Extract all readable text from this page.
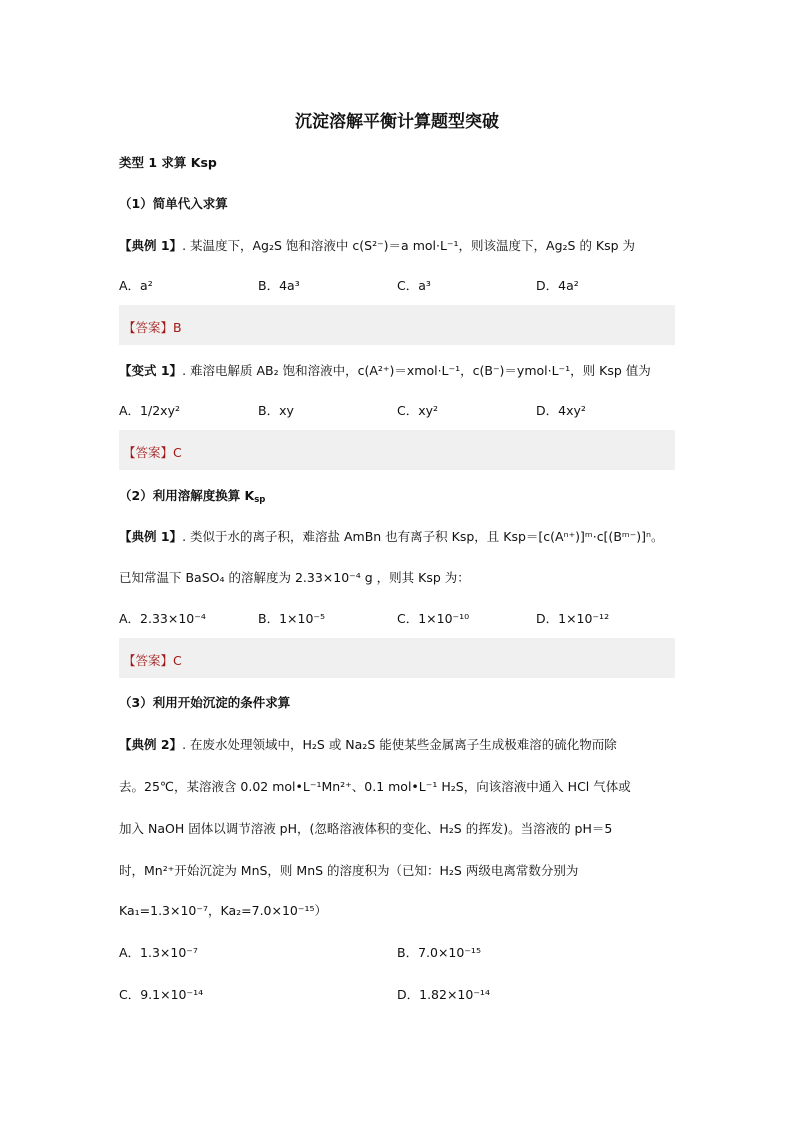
沉淀溶解平衡计算题型突破
类型 1 求算 Ksp
（1）简单代入求算
【典例 1】. 某温度下，Ag₂S 饱和溶液中 c(S²⁻)＝a mol·L⁻¹，则该温度下，Ag₂S 的 Ksp 为
A．a²	B．4a³	C．a³	D．4a²
【答案】B
【变式 1】. 难溶电解质 AB₂ 饱和溶液中，c(A²⁺)＝xmol·L⁻¹，c(B⁻)＝ymol·L⁻¹，则 Ksp 值为
A．1/2xy²	B．xy	C．xy²	D．4xy²
【答案】C
（2）利用溶解度换算 $K_{sp}$
【典例 1】. 类似于水的离子积，难溶盐 AmBn 也有离子积 Ksp，且 Ksp＝[c(Aⁿ⁺)]ᵐ·c[(Bᵐ⁻)]ⁿ。
已知常温下 BaSO₄ 的溶解度为 2.33×10⁻⁴ g ，则其 Ksp 为：
A．2.33×10⁻⁴	B．1×10⁻⁵	C．1×10⁻¹⁰	D．1×10⁻¹²
【答案】C
（3）利用开始沉淀的条件求算
【典例 2】. 在废水处理领域中，H₂S 或 Na₂S 能使某些金属离子生成极难溶的硫化物而除
去。25℃，某溶液含 0.02 mol•L⁻¹Mn²⁺、0.1 mol•L⁻¹ H₂S，向该溶液中通入 HCl 气体或
加入 NaOH 固体以调节溶液 pH，(忽略溶液体积的变化、H₂S 的挥发)。当溶液的 pH＝5
时，Mn²⁺开始沉淀为 MnS，则 MnS 的溶度积为（已知：H₂S 两级电离常数分别为
Ka₁=1.3×10⁻⁷，Ka₂=7.0×10⁻¹⁵）
A．1.3×10⁻⁷	B．7.0×10⁻¹⁵
C．9.1×10⁻¹⁴	D．1.82×10⁻¹⁴
